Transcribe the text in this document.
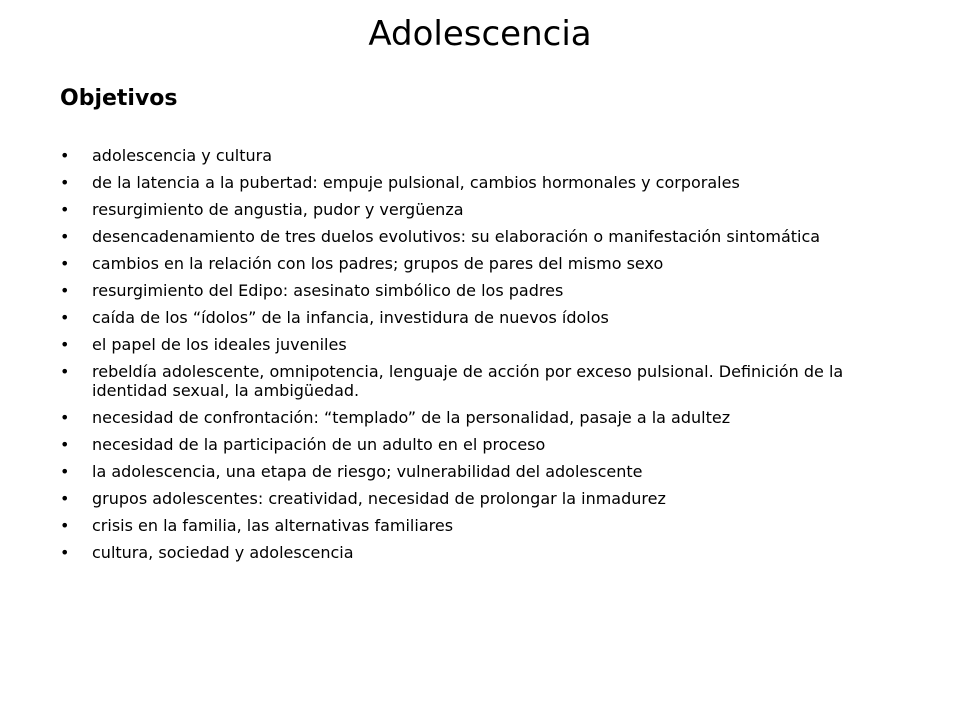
Adolescencia
Objetivos
• adolescencia y cultura
• de la latencia a la pubertad: empuje pulsional, cambios hormonales y corporales
• resurgimiento de angustia, pudor y vergüenza
• desencadenamiento de tres duelos evolutivos: su elaboración o manifestación sintomática
• cambios en la relación con los padres; grupos de pares del mismo sexo
• resurgimiento del Edipo: asesinato simbólico de los padres
• caída de los “ídolos” de la infancia, investidura de nuevos ídolos
• el papel de los ideales juveniles
• rebeldía adolescente, omnipotencia, lenguaje de acción por exceso pulsional. Definición de la identidad sexual, la ambigüedad.
• necesidad de confrontación: “templado” de la personalidad, pasaje a la adultez
• necesidad de la participación de un adulto en el proceso
• la adolescencia, una etapa de riesgo; vulnerabilidad del adolescente
• grupos adolescentes: creatividad, necesidad de prolongar la inmadurez
• crisis en la familia, las alternativas familiares
• cultura, sociedad y adolescencia
